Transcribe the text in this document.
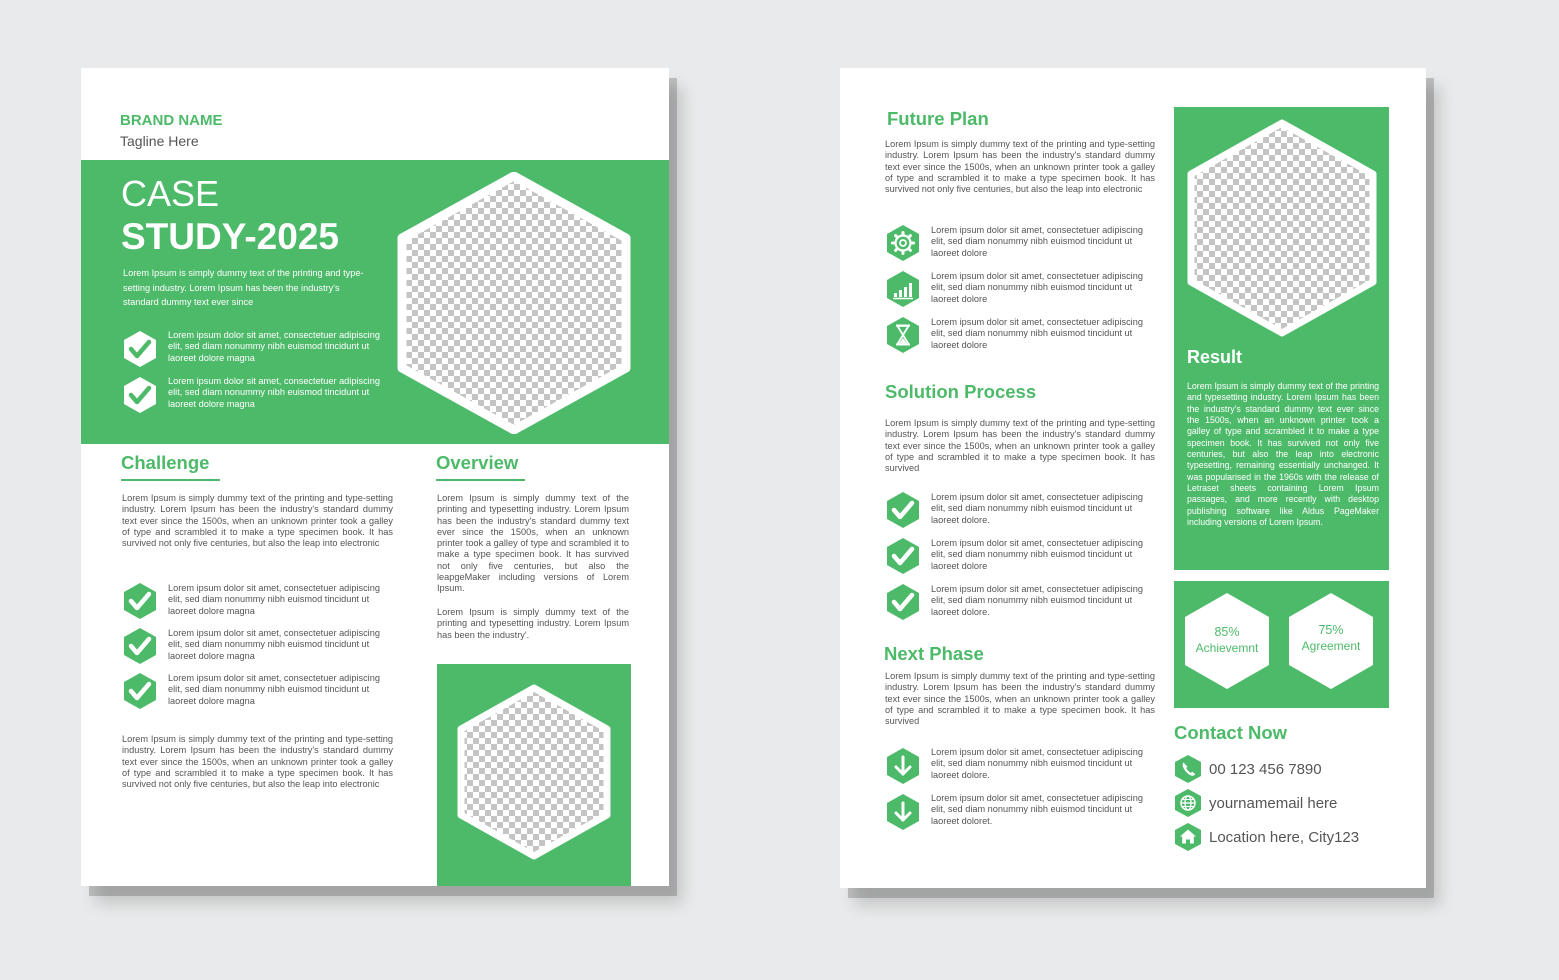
BRAND NAME
Tagline Here
CASE
STUDY-2025

Lorem Ipsum is simply dummy text of the printing and type-setting industry. Lorem Ipsum has been the industry's standard dummy text ever since

Lorem ipsum dolor sit amet, consectetuer adipiscing elit, sed diam nonummy nibh euismod tincidunt ut laoreet dolore magna

Lorem ipsum dolor sit amet, consectetuer adipiscing elit, sed diam nonummy nibh euismod tincidunt ut laoreet dolore magna

Challenge

Lorem Ipsum is simply dummy text of the printing and type-setting industry. Lorem Ipsum has been the industry's standard dummy text ever since the 1500s, when an unknown printer took a galley of type and scrambled it to make a type specimen book. It has survived not only five centuries, but also the leap into electronic

Lorem ipsum dolor sit amet, consectetuer adipiscing elit, sed diam nonummy nibh euismod tincidunt ut laoreet dolore magna

Lorem ipsum dolor sit amet, consectetuer adipiscing elit, sed diam nonummy nibh euismod tincidunt ut laoreet dolore magna

Lorem ipsum dolor sit amet, consectetuer adipiscing elit, sed diam nonummy nibh euismod tincidunt ut laoreet dolore magna

Lorem Ipsum is simply dummy text of the printing and type-setting industry. Lorem Ipsum has been the industry's standard dummy text ever since the 1500s, when an unknown printer took a galley of type and scrambled it to make a type specimen book. It has survived not only five centuries, but also the leap into electronic

Overview

Lorem Ipsum is simply dummy text of the printing and typesetting industry. Lorem Ipsum has been the industry's standard dummy text ever since the 1500s, when an unknown printer took a galley of type and scrambled it to make a type specimen book. It has survived not only five centuries, but also the leapgeMaker including versions of Lorem Ipsum.

Lorem Ipsum is simply dummy text of the printing and typesetting industry. Lorem Ipsum has been the industry'.

Future Plan

Lorem Ipsum is simply dummy text of the printing and type-setting industry. Lorem Ipsum has been the industry's standard dummy text ever since the 1500s, when an unknown printer took a galley of type and scrambled it to make a type specimen book. It has survived not only five centuries, but also the leap into electronic

Lorem ipsum dolor sit amet, consectetuer adipiscing elit, sed diam nonummy nibh euismod tincidunt ut laoreet dolore

Lorem ipsum dolor sit amet, consectetuer adipiscing elit, sed diam nonummy nibh euismod tincidunt ut laoreet dolore

Lorem ipsum dolor sit amet, consectetuer adipiscing elit, sed diam nonummy nibh euismod tincidunt ut laoreet dolore

Solution Process

Lorem Ipsum is simply dummy text of the printing and type-setting industry. Lorem Ipsum has been the industry's standard dummy text ever since the 1500s, when an unknown printer took a galley of type and scrambled it to make a type specimen book. It has survived

Lorem ipsum dolor sit amet, consectetuer adipiscing elit, sed diam nonummy nibh euismod tincidunt ut laoreet dolore.

Lorem ipsum dolor sit amet, consectetuer adipiscing elit, sed diam nonummy nibh euismod tincidunt ut laoreet dolore

Lorem ipsum dolor sit amet, consectetuer adipiscing elit, sed diam nonummy nibh euismod tincidunt ut laoreet dolore.

Next Phase

Lorem Ipsum is simply dummy text of the printing and type-setting industry. Lorem Ipsum has been the industry's standard dummy text ever since the 1500s, when an unknown printer took a galley of type and scrambled it to make a type specimen book. It has survived

Lorem ipsum dolor sit amet, consectetuer adipiscing elit, sed diam nonummy nibh euismod tincidunt ut laoreet dolore.

Lorem ipsum dolor sit amet, consectetuer adipiscing elit, sed diam nonummy nibh euismod tincidunt ut laoreet doloret.

Result

Lorem Ipsum is simply dummy text of the printing and typesetting industry. Lorem Ipsum has been the industry's standard dummy text ever since the 1500s, when an unknown printer took a galley of type and scrambled it to make a type specimen book. It has survived not only five centuries, but also the leap into electronic typesetting, remaining essentially unchanged. It was popularised in the 1960s with the release of Letraset sheets containing Lorem Ipsum passages, and more recently with desktop publishing software like Aldus PageMaker including versions of Lorem Ipsum.

85%
Achievemnt
75%
Agreement
Contact Now
00 123 456 7890
yournamemail here
Location here, City123
